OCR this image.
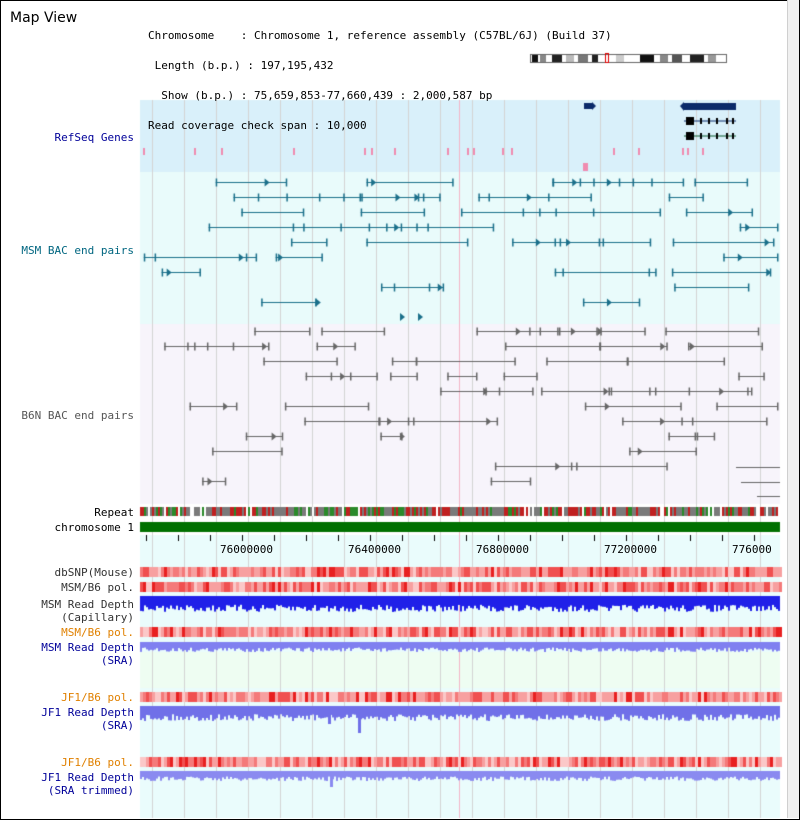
Map View

Chromosome    : Chromosome 1, reference assembly (C57BL/6J) (Build 37)

Length (b.p.) : 197,195,432

Show (b.p.) : 75,659,853-77,660,439 : 2,000,587 bp

Read coverage check span : 10,000

RefSeq Genes
MSM BAC end pairs
B6N BAC end pairs
Repeat
chromosome 1
dbSNP(Mouse)
MSM/B6 pol.
MSM Read Depth
(Capillary)
MSM/B6 pol.
MSM Read Depth
(SRA)
JF1/B6 pol.
JF1 Read Depth
(SRA)
JF1/B6 pol.
JF1 Read Depth
(SRA trimmed)
76000000	76400000	76800000	77200000	776000
